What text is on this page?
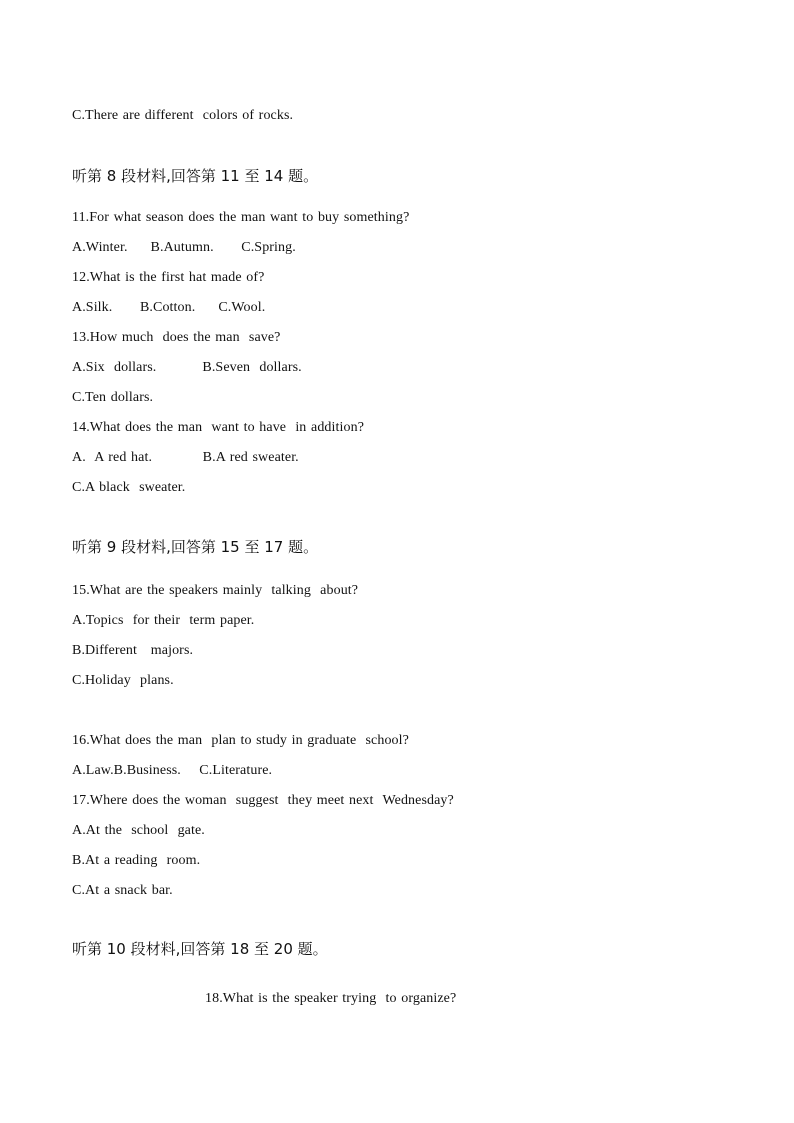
C.There are different  colors of rocks.
听第 8 段材料,回答第 11 至 14 题。
11.For what season does the man want to buy something?
A.Winter.     B.Autumn.      C.Spring.
12.What is the first hat made of?
A.Silk.      B.Cotton.     C.Wool.
13.How much  does the man  save?
A.Six  dollars.          B.Seven  dollars.
C.Ten dollars.
14.What does the man  want to have  in addition?
A.  A red hat.           B.A red sweater.
C.A black  sweater.
听第 9 段材料,回答第 15 至 17 题。
15.What are the speakers mainly  talking  about?
A.Topics  for their  term paper.
B.Different   majors.
C.Holiday  plans.
16.What does the man  plan to study in graduate  school?
A.Law.B.Business.    C.Literature.
17.Where does the woman  suggest  they meet next  Wednesday?
A.At the  school  gate.
B.At a reading  room.
C.At a snack bar.
听第 10 段材料,回答第 18 至 20 题。
18.What is the speaker trying  to organize?
